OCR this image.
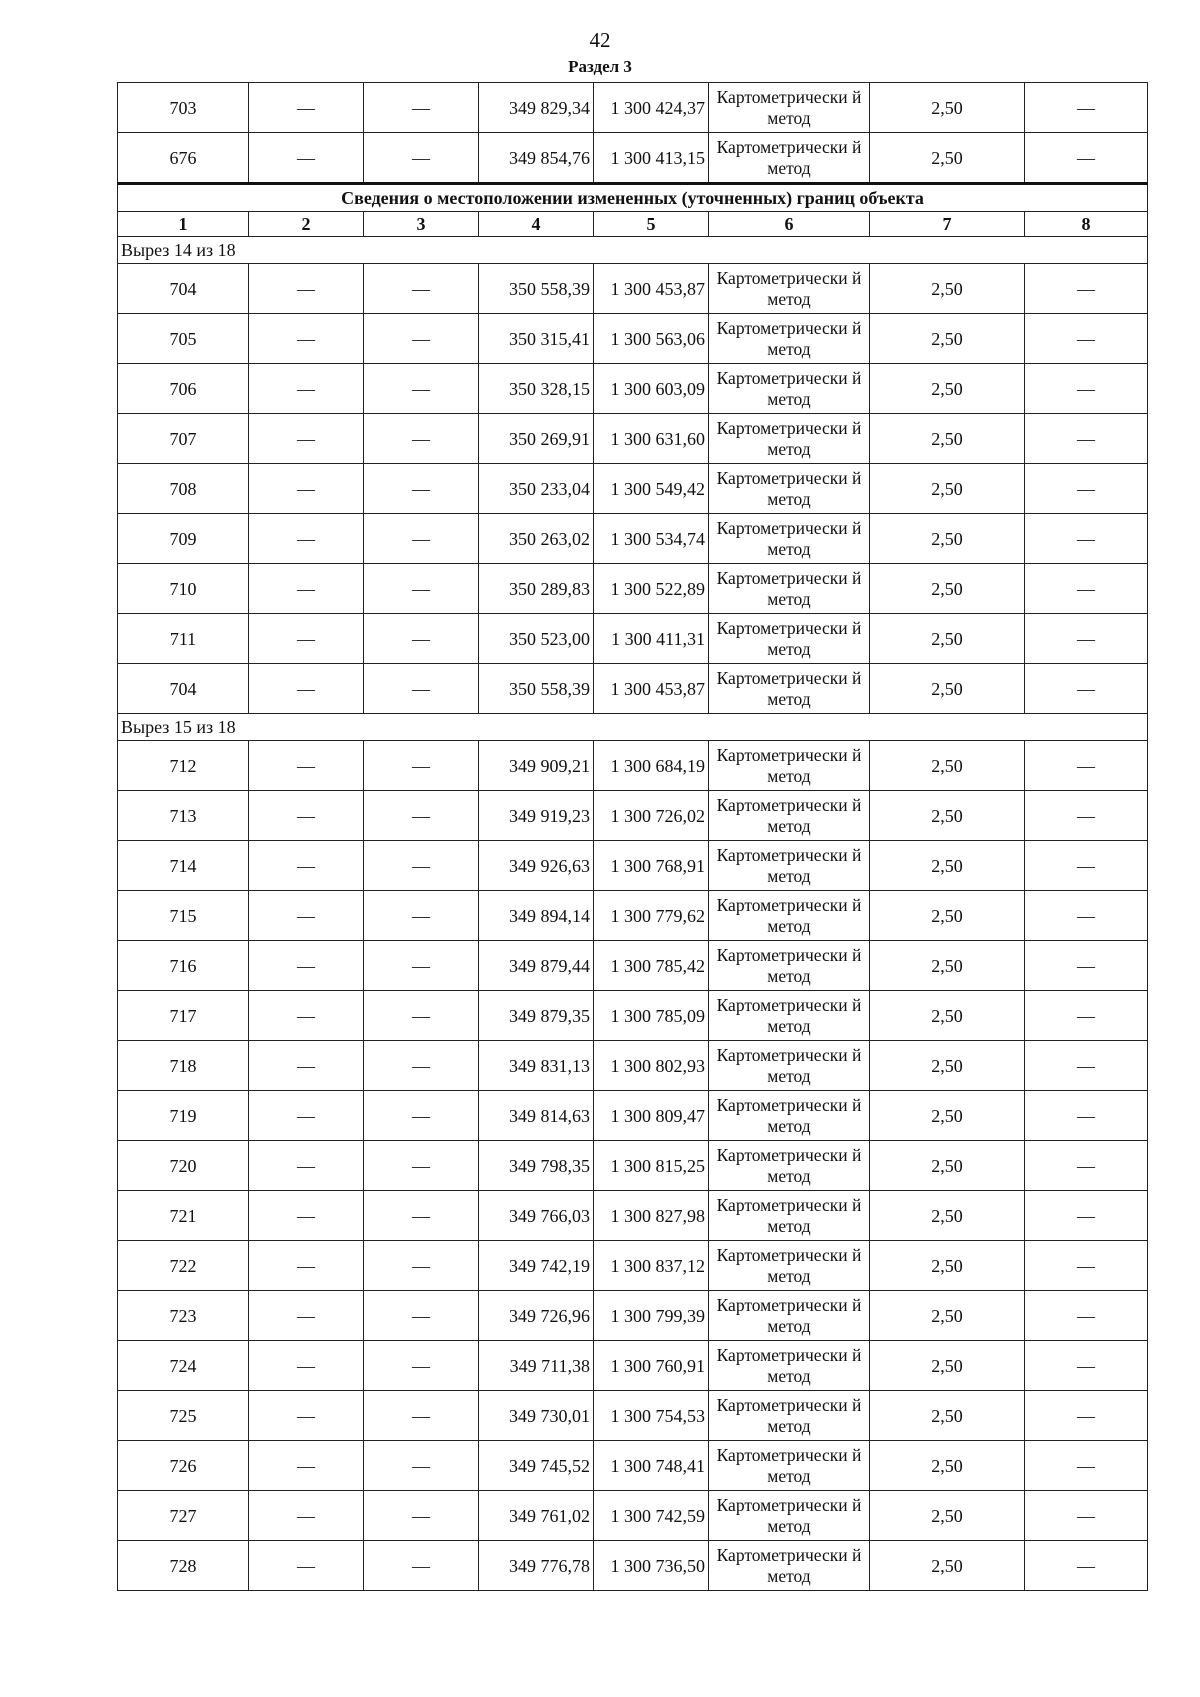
42
Раздел 3
703	—	—	349 829,34	1 300 424,37	Картометрически й метод	2,50	—
676	—	—	349 854,76	1 300 413,15	Картометрически й метод	2,50	—
Сведения о местоположении измененных (уточненных) границ объекта							
1	2	3	4	5	6	7	8
Вырез 14 из 18							
704	—	—	350 558,39	1 300 453,87	Картометрически й метод	2,50	—
705	—	—	350 315,41	1 300 563,06	Картометрически й метод	2,50	—
706	—	—	350 328,15	1 300 603,09	Картометрически й метод	2,50	—
707	—	—	350 269,91	1 300 631,60	Картометрически й метод	2,50	—
708	—	—	350 233,04	1 300 549,42	Картометрически й метод	2,50	—
709	—	—	350 263,02	1 300 534,74	Картометрически й метод	2,50	—
710	—	—	350 289,83	1 300 522,89	Картометрически й метод	2,50	—
711	—	—	350 523,00	1 300 411,31	Картометрически й метод	2,50	—
704	—	—	350 558,39	1 300 453,87	Картометрически й метод	2,50	—
Вырез 15 из 18							
712	—	—	349 909,21	1 300 684,19	Картометрически й метод	2,50	—
713	—	—	349 919,23	1 300 726,02	Картометрически й метод	2,50	—
714	—	—	349 926,63	1 300 768,91	Картометрически й метод	2,50	—
715	—	—	349 894,14	1 300 779,62	Картометрически й метод	2,50	—
716	—	—	349 879,44	1 300 785,42	Картометрически й метод	2,50	—
717	—	—	349 879,35	1 300 785,09	Картометрически й метод	2,50	—
718	—	—	349 831,13	1 300 802,93	Картометрически й метод	2,50	—
719	—	—	349 814,63	1 300 809,47	Картометрически й метод	2,50	—
720	—	—	349 798,35	1 300 815,25	Картометрически й метод	2,50	—
721	—	—	349 766,03	1 300 827,98	Картометрически й метод	2,50	—
722	—	—	349 742,19	1 300 837,12	Картометрически й метод	2,50	—
723	—	—	349 726,96	1 300 799,39	Картометрически й метод	2,50	—
724	—	—	349 711,38	1 300 760,91	Картометрически й метод	2,50	—
725	—	—	349 730,01	1 300 754,53	Картометрически й метод	2,50	—
726	—	—	349 745,52	1 300 748,41	Картометрически й метод	2,50	—
727	—	—	349 761,02	1 300 742,59	Картометрически й метод	2,50	—
728	—	—	349 776,78	1 300 736,50	Картометрически й метод	2,50	—
